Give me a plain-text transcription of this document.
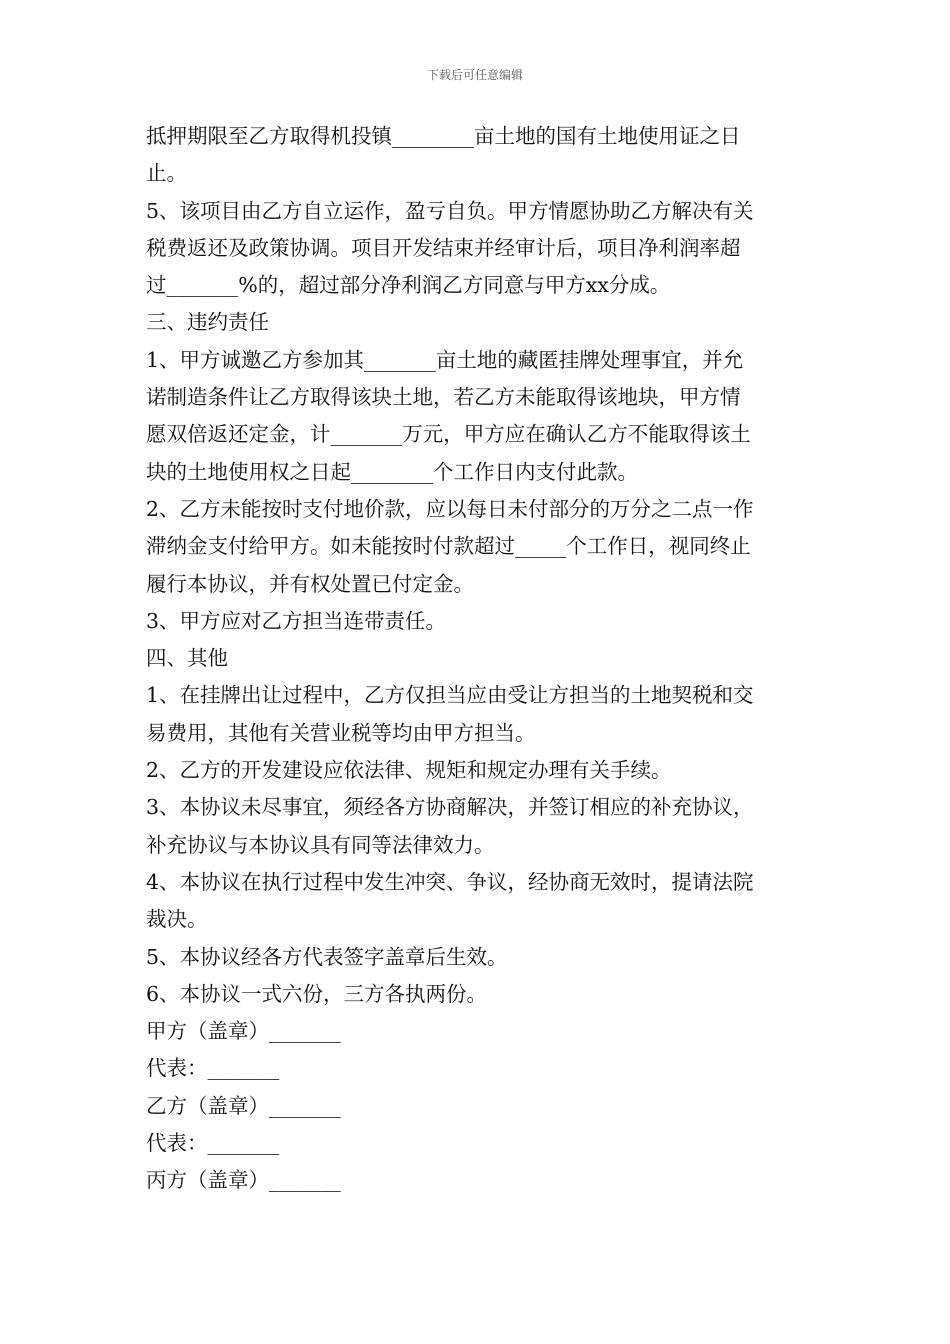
下载后可任意编辑
抵押期限至乙方取得机投镇________亩土地的国有土地使用证之日
止。
5、该项目由乙方自立运作，盈亏自负。甲方情愿协助乙方解决有关
税费返还及政策协调。项目开发结束并经审计后，项目净利润率超
过_______%的，超过部分净利润乙方同意与甲方xx分成。
三、违约责任
1、甲方诚邀乙方参加其_______亩土地的藏匿挂牌处理事宜，并允
诺制造条件让乙方取得该块土地，若乙方未能取得该地块，甲方情
愿双倍返还定金，计_______万元，甲方应在确认乙方不能取得该土
块的土地使用权之日起________个工作日内支付此款。
2、乙方未能按时支付地价款，应以每日未付部分的万分之二点一作
滞纳金支付给甲方。如未能按时付款超过_____个工作日，视同终止
履行本协议，并有权处置已付定金。
3、甲方应对乙方担当连带责任。
四、其他
1、在挂牌出让过程中，乙方仅担当应由受让方担当的土地契税和交
易费用，其他有关营业税等均由甲方担当。
2、乙方的开发建设应依法律、规矩和规定办理有关手续。
3、本协议未尽事宜，须经各方协商解决，并签订相应的补充协议，
补充协议与本协议具有同等法律效力。
4、本协议在执行过程中发生冲突、争议，经协商无效时，提请法院
裁决。
5、本协议经各方代表签字盖章后生效。
6、本协议一式六份，三方各执两份。
甲方（盖章）_______
代表：_______
乙方（盖章）_______
代表：_______
丙方（盖章）_______
